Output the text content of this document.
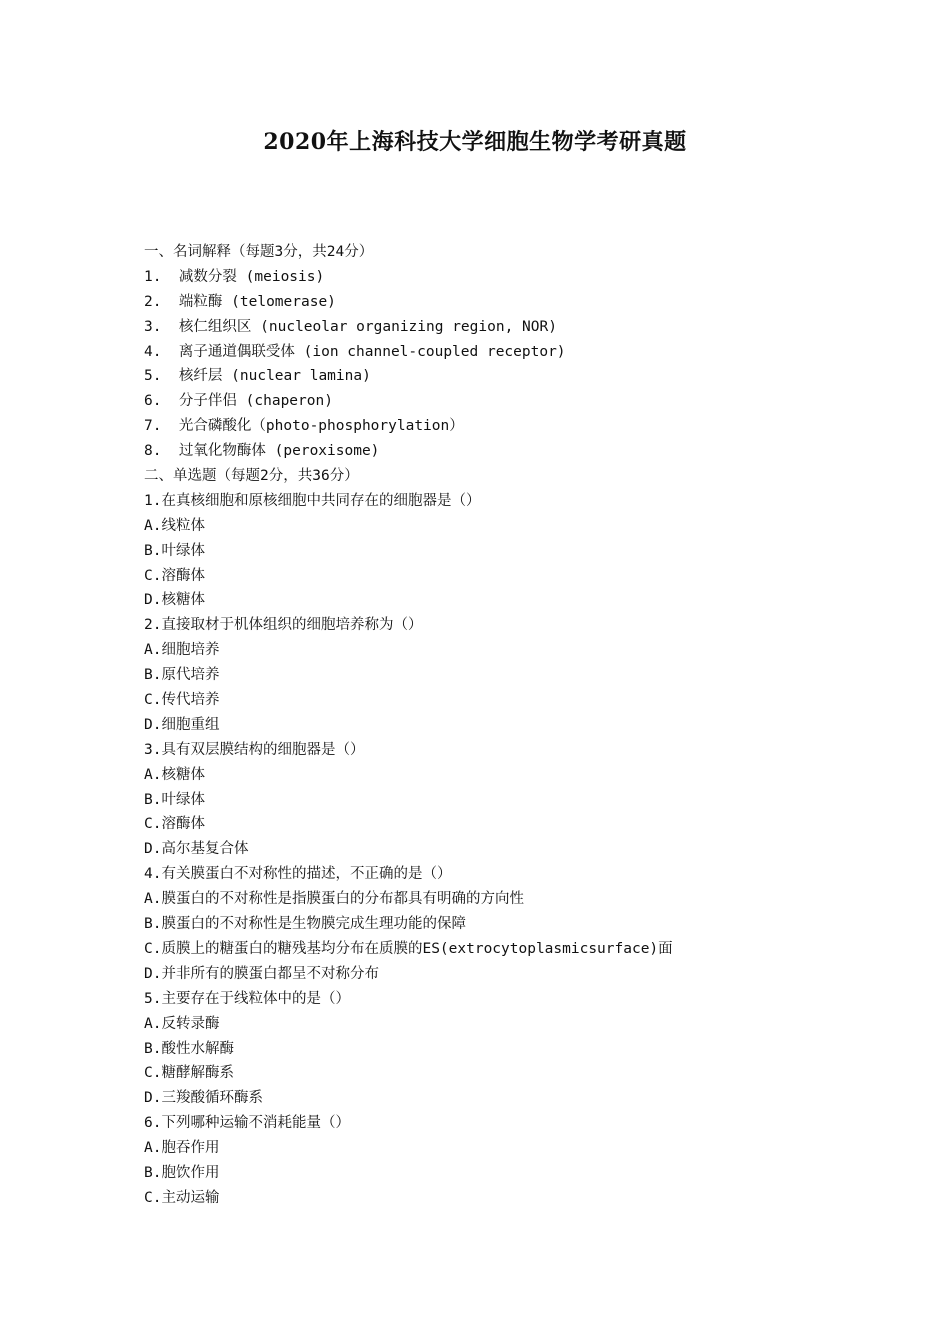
2020年上海科技大学细胞生物学考研真题
一、名词解释（每题3分，共24分）
1.  减数分裂 (meiosis)
2.  端粒酶 (telomerase)
3.  核仁组织区 (nucleolar organizing region, NOR)
4.  离子通道偶联受体 (ion channel-coupled receptor)
5.  核纤层 (nuclear lamina)
6.  分子伴侣 (chaperon)
7.  光合磷酸化（photo-phosphorylation）
8.  过氧化物酶体 (peroxisome)
二、单选题（每题2分，共36分）
1.在真核细胞和原核细胞中共同存在的细胞器是（）
A.线粒体
B.叶绿体
C.溶酶体
D.核糖体
2.直接取材于机体组织的细胞培养称为（）
A.细胞培养
B.原代培养
C.传代培养
D.细胞重组
3.具有双层膜结构的细胞器是（）
A.核糖体
B.叶绿体
C.溶酶体
D.高尔基复合体
4.有关膜蛋白不对称性的描述，不正确的是（）
A.膜蛋白的不对称性是指膜蛋白的分布都具有明确的方向性
B.膜蛋白的不对称性是生物膜完成生理功能的保障
C.质膜上的糖蛋白的糖残基均分布在质膜的ES(extrocytoplasmicsurface)面
D.并非所有的膜蛋白都呈不对称分布
5.主要存在于线粒体中的是（）
A.反转录酶
B.酸性水解酶
C.糖酵解酶系
D.三羧酸循环酶系
6.下列哪种运输不消耗能量（）
A.胞吞作用
B.胞饮作用
C.主动运输
